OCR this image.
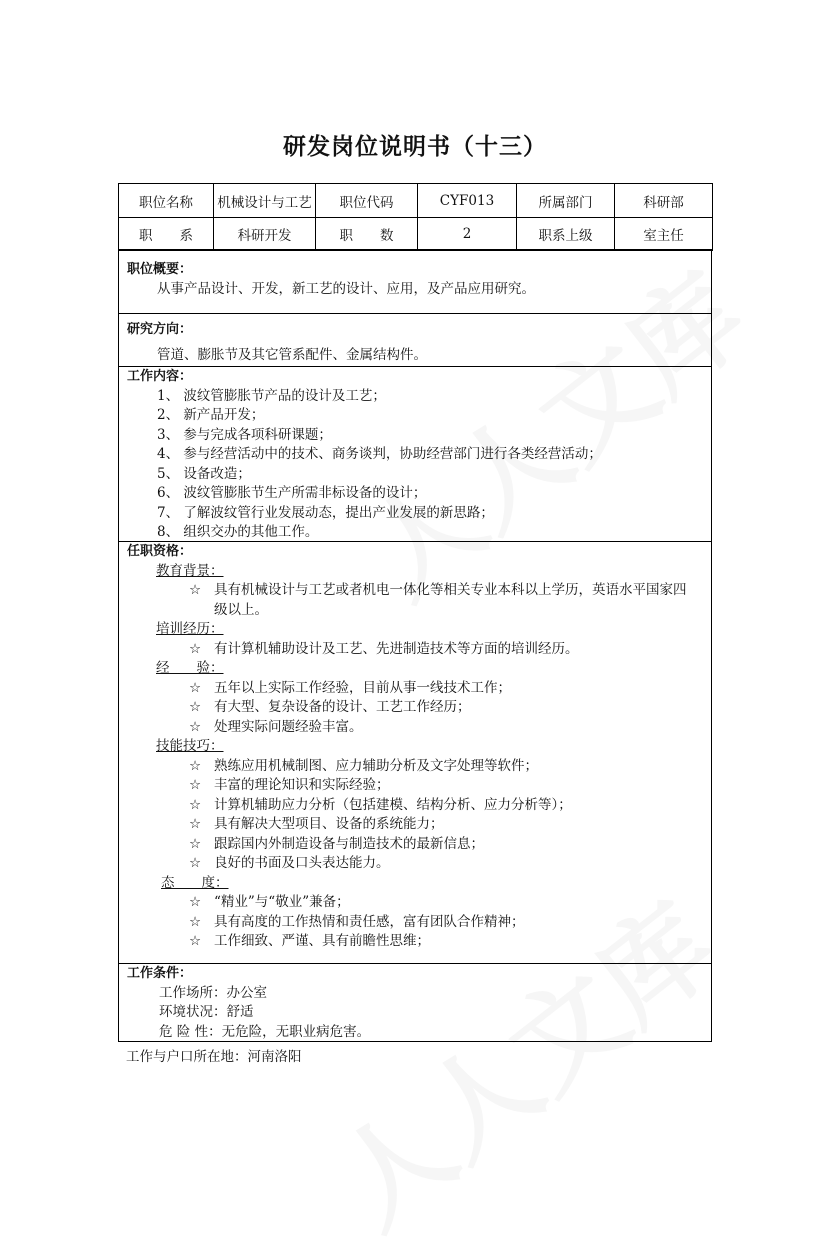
研发岗位说明书（十三）
职位名称	机械设计与工艺	职位代码	CYF013	所属部门	科研部
职　　系	科研开发	职　　数	2	职系上级	室主任
职位概要：
从事产品设计、开发，新工艺的设计、应用，及产品应用研究。
研究方向：
管道、膨胀节及其它管系配件、金属结构件。
工作内容：
1、 波纹管膨胀节产品的设计及工艺；
2、 新产品开发；
3、 参与完成各项科研课题；
4、 参与经营活动中的技术、商务谈判，协助经营部门进行各类经营活动；
5、 设备改造；
6、 波纹管膨胀节生产所需非标设备的设计；
7、 了解波纹管行业发展动态，提出产业发展的新思路；
8、 组织交办的其他工作。
任职资格：
教育背景：
☆ 具有机械设计与工艺或者机电一体化等相关专业本科以上学历，英语水平国家四级以上。
培训经历：
☆ 有计算机辅助设计及工艺、先进制造技术等方面的培训经历。
经　　验：
☆ 五年以上实际工作经验，目前从事一线技术工作；
☆ 有大型、复杂设备的设计、工艺工作经历；
☆ 处理实际问题经验丰富。
技能技巧：
☆ 熟练应用机械制图、应力辅助分析及文字处理等软件；
☆ 丰富的理论知识和实际经验；
☆ 计算机辅助应力分析（包括建模、结构分析、应力分析等）；
☆ 具有解决大型项目、设备的系统能力；
☆ 跟踪国内外制造设备与制造技术的最新信息；
☆ 良好的书面及口头表达能力。
态　　度：
☆ “精业”与“敬业”兼备；
☆ 具有高度的工作热情和责任感，富有团队合作精神；
☆ 工作细致、严谨、具有前瞻性思维；
工作条件：
工作场所：办公室
环境状况：舒适
危 险 性：无危险，无职业病危害。
工作与户口所在地：河南洛阳
